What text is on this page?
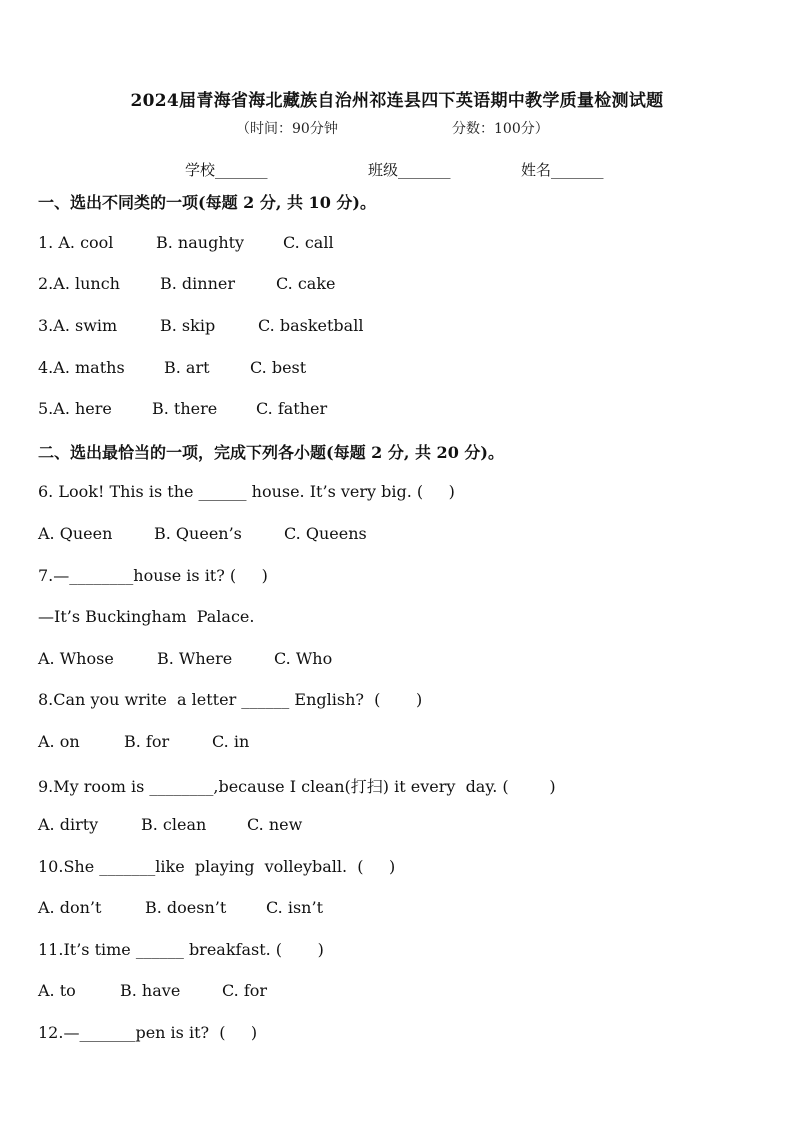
2024届青海省海北藏族自治州祁连县四下英语期中教学质量检测试题
（时间：90分钟	分数：100分）
学校_______	班级_______	姓名_______
一、选出不同类的一项(每题 2 分, 共 10 分)。
1. A. cool	B. naughty C. call
2.A. lunch	B. dinner	C. cake
3.A. swim	B. skip	C. basketball
4.A. maths B. art	C. best
5.A. here	B. there C. father
二、选出最恰当的一项，完成下列各小题(每题 2 分, 共 20 分)。
6. Look! This is the ______ house. It’s very big. (     )
A. Queen	B. Queen’s	C. Queens
7.—________house is it? (     )
—It’s Buckingham  Palace.
A. Whose	B. Where	C. Who
8.Can you write  a letter ______ English?  (       )
A. on	B. for	C. in
9.My room is ________,because I clean(打扫) it every  day. (        )
A. dirty	B. clean	C. new
10.She _______like  playing  volleyball.  (     )
A. don’t	B. doesn’t C. isn’t
11.It’s time ______ breakfast. (       )
A. to	B. have	C. for
12.—_______pen is it?  (     )
